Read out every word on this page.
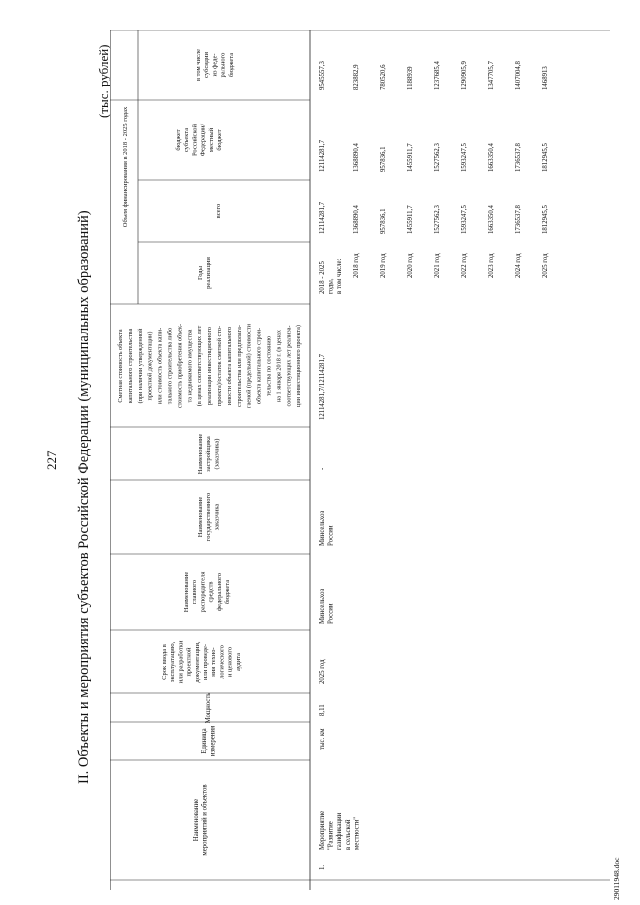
227 II. Объекты и мероприятия субъектов Российской Федерации (муниципальных образований)
(тыс. рублей)
29011948.doc
Наименование мероприятий и объектов
Единица измерения
Мощность
Срок ввода в эксплуатацию, или разработки проектной документации, или проведе- ния техно- логического и ценового аудита
Наименование главного распорядителя средств федерального бюджета
Наименование государственного заказчика
Наименование застройщика (заказчика)
Сметная стоимость объекта капитального строительства (при наличии утвержденной проектной документации) или стоимость объекта капи- тального строительства либо стоимость приобретения объек- та недвижимого имущества (в ценах соответствующих лет реализации инвестиционного проекта)/остаток сметной сто- имости объекта капитального строительства или предполага- гаемой (предельной) стоимости объекта капитального строи- тельства по состоянию на 1 января 2018 г. (в ценах соответствующих лет реализа- ции инвестиционного проекта)
Годы реализации
Объем финансирования в 2018 - 2025 годах	всего
бюджет субъекта Российской Федерации/ местный бюджет
в том числе субсидии из феде- рального бюджета
1.
Мероприятие "Развитие газификации в сельской местности"
тыс. км
8,11
2025 год
Минсельхоз России
Минсельхоз России
-
12114281,7/12114281,7
2018 - 2025 годы, в том числе:
12114281,7
12114281,7
9545557,3
2018 год
1368890,4
1368890,4
823882,9
2019 год
957836,1
957836,1
780520,6
2020 год
1455911,7
1455911,7
1188939
2021 год
1527562,3
1527562,3
1237685,4
2022 год
1593247,5
1593247,5
1290905,9
2023 год
1663350,4
1663350,4
1347705,7
2024 год
1736537,8
1736537,8
1407004,8
2025 год
1812945,5
1812945,5
1468913
